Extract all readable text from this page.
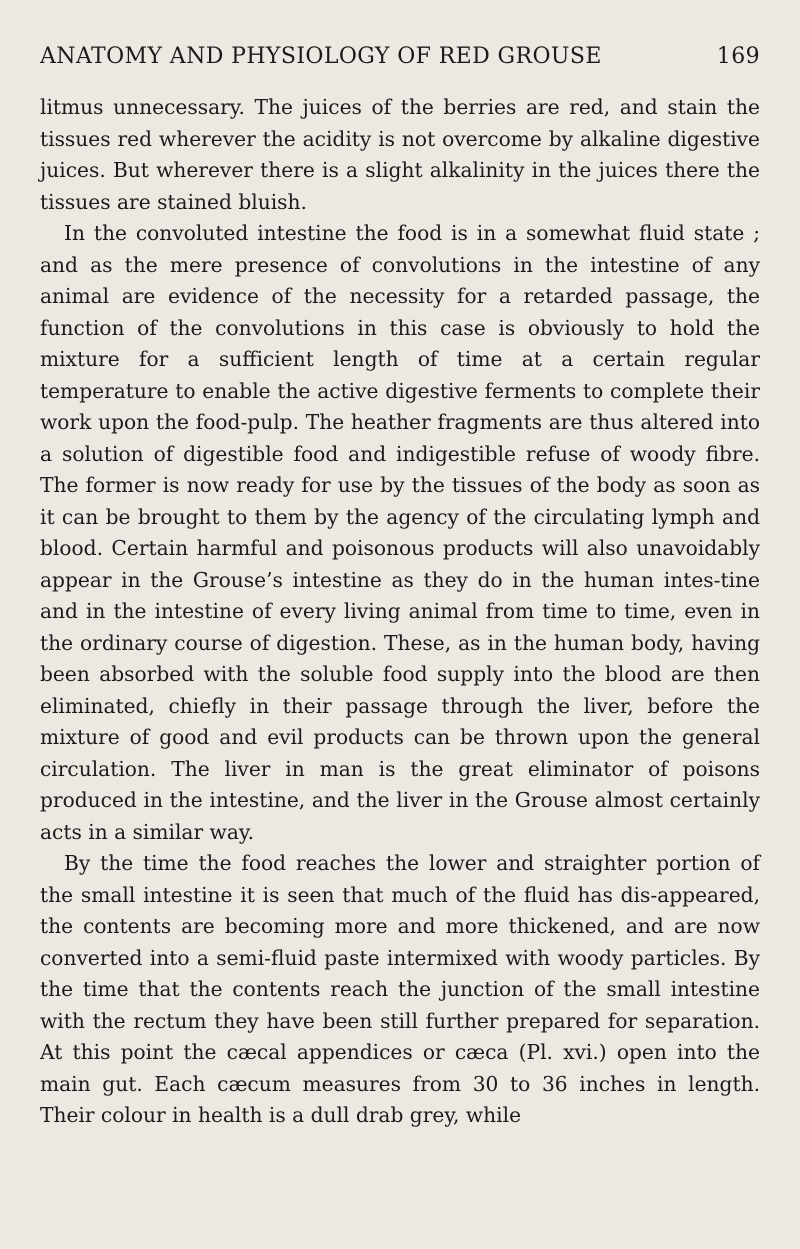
ANATOMY AND PHYSIOLOGY OF RED GROUSE	169

litmus unnecessary. The juices of the berries are red, and stain the tissues red wherever the acidity is not overcome by alkaline digestive juices. But wherever there is a slight alkalinity in the juices there the tissues are stained bluish.

In the convoluted intestine the food is in a somewhat fluid state ; and as the mere presence of convolutions in the intestine of any animal are evidence of the necessity for a retarded passage, the function of the convolutions in this case is obviously to hold the mixture for a sufficient length of time at a certain regular temperature to enable the active digestive ferments to complete their work upon the food-pulp. The heather fragments are thus altered into a solution of digestible food and indigestible refuse of woody fibre. The former is now ready for use by the tissues of the body as soon as it can be brought to them by the agency of the circulating lymph and blood. Certain harmful and poisonous products will also unavoidably appear in the Grouse’s intestine as they do in the human intes-tine and in the intestine of every living animal from time to time, even in the ordinary course of digestion. These, as in the human body, having been absorbed with the soluble food supply into the blood are then eliminated, chiefly in their passage through the liver, before the mixture of good and evil products can be thrown upon the general circulation. The liver in man is the great eliminator of poisons produced in the intestine, and the liver in the Grouse almost certainly acts in a similar way.

By the time the food reaches the lower and straighter portion of the small intestine it is seen that much of the fluid has dis-appeared, the contents are becoming more and more thickened, and are now converted into a semi-fluid paste intermixed with woody particles. By the time that the contents reach the junction of the small intestine with the rectum they have been still further prepared for separation. At this point the cæcal appendices or cæca (Pl. xvi.) open into the main gut. Each cæcum measures from 30 to 36 inches in length. Their colour in health is a dull drab grey, while
